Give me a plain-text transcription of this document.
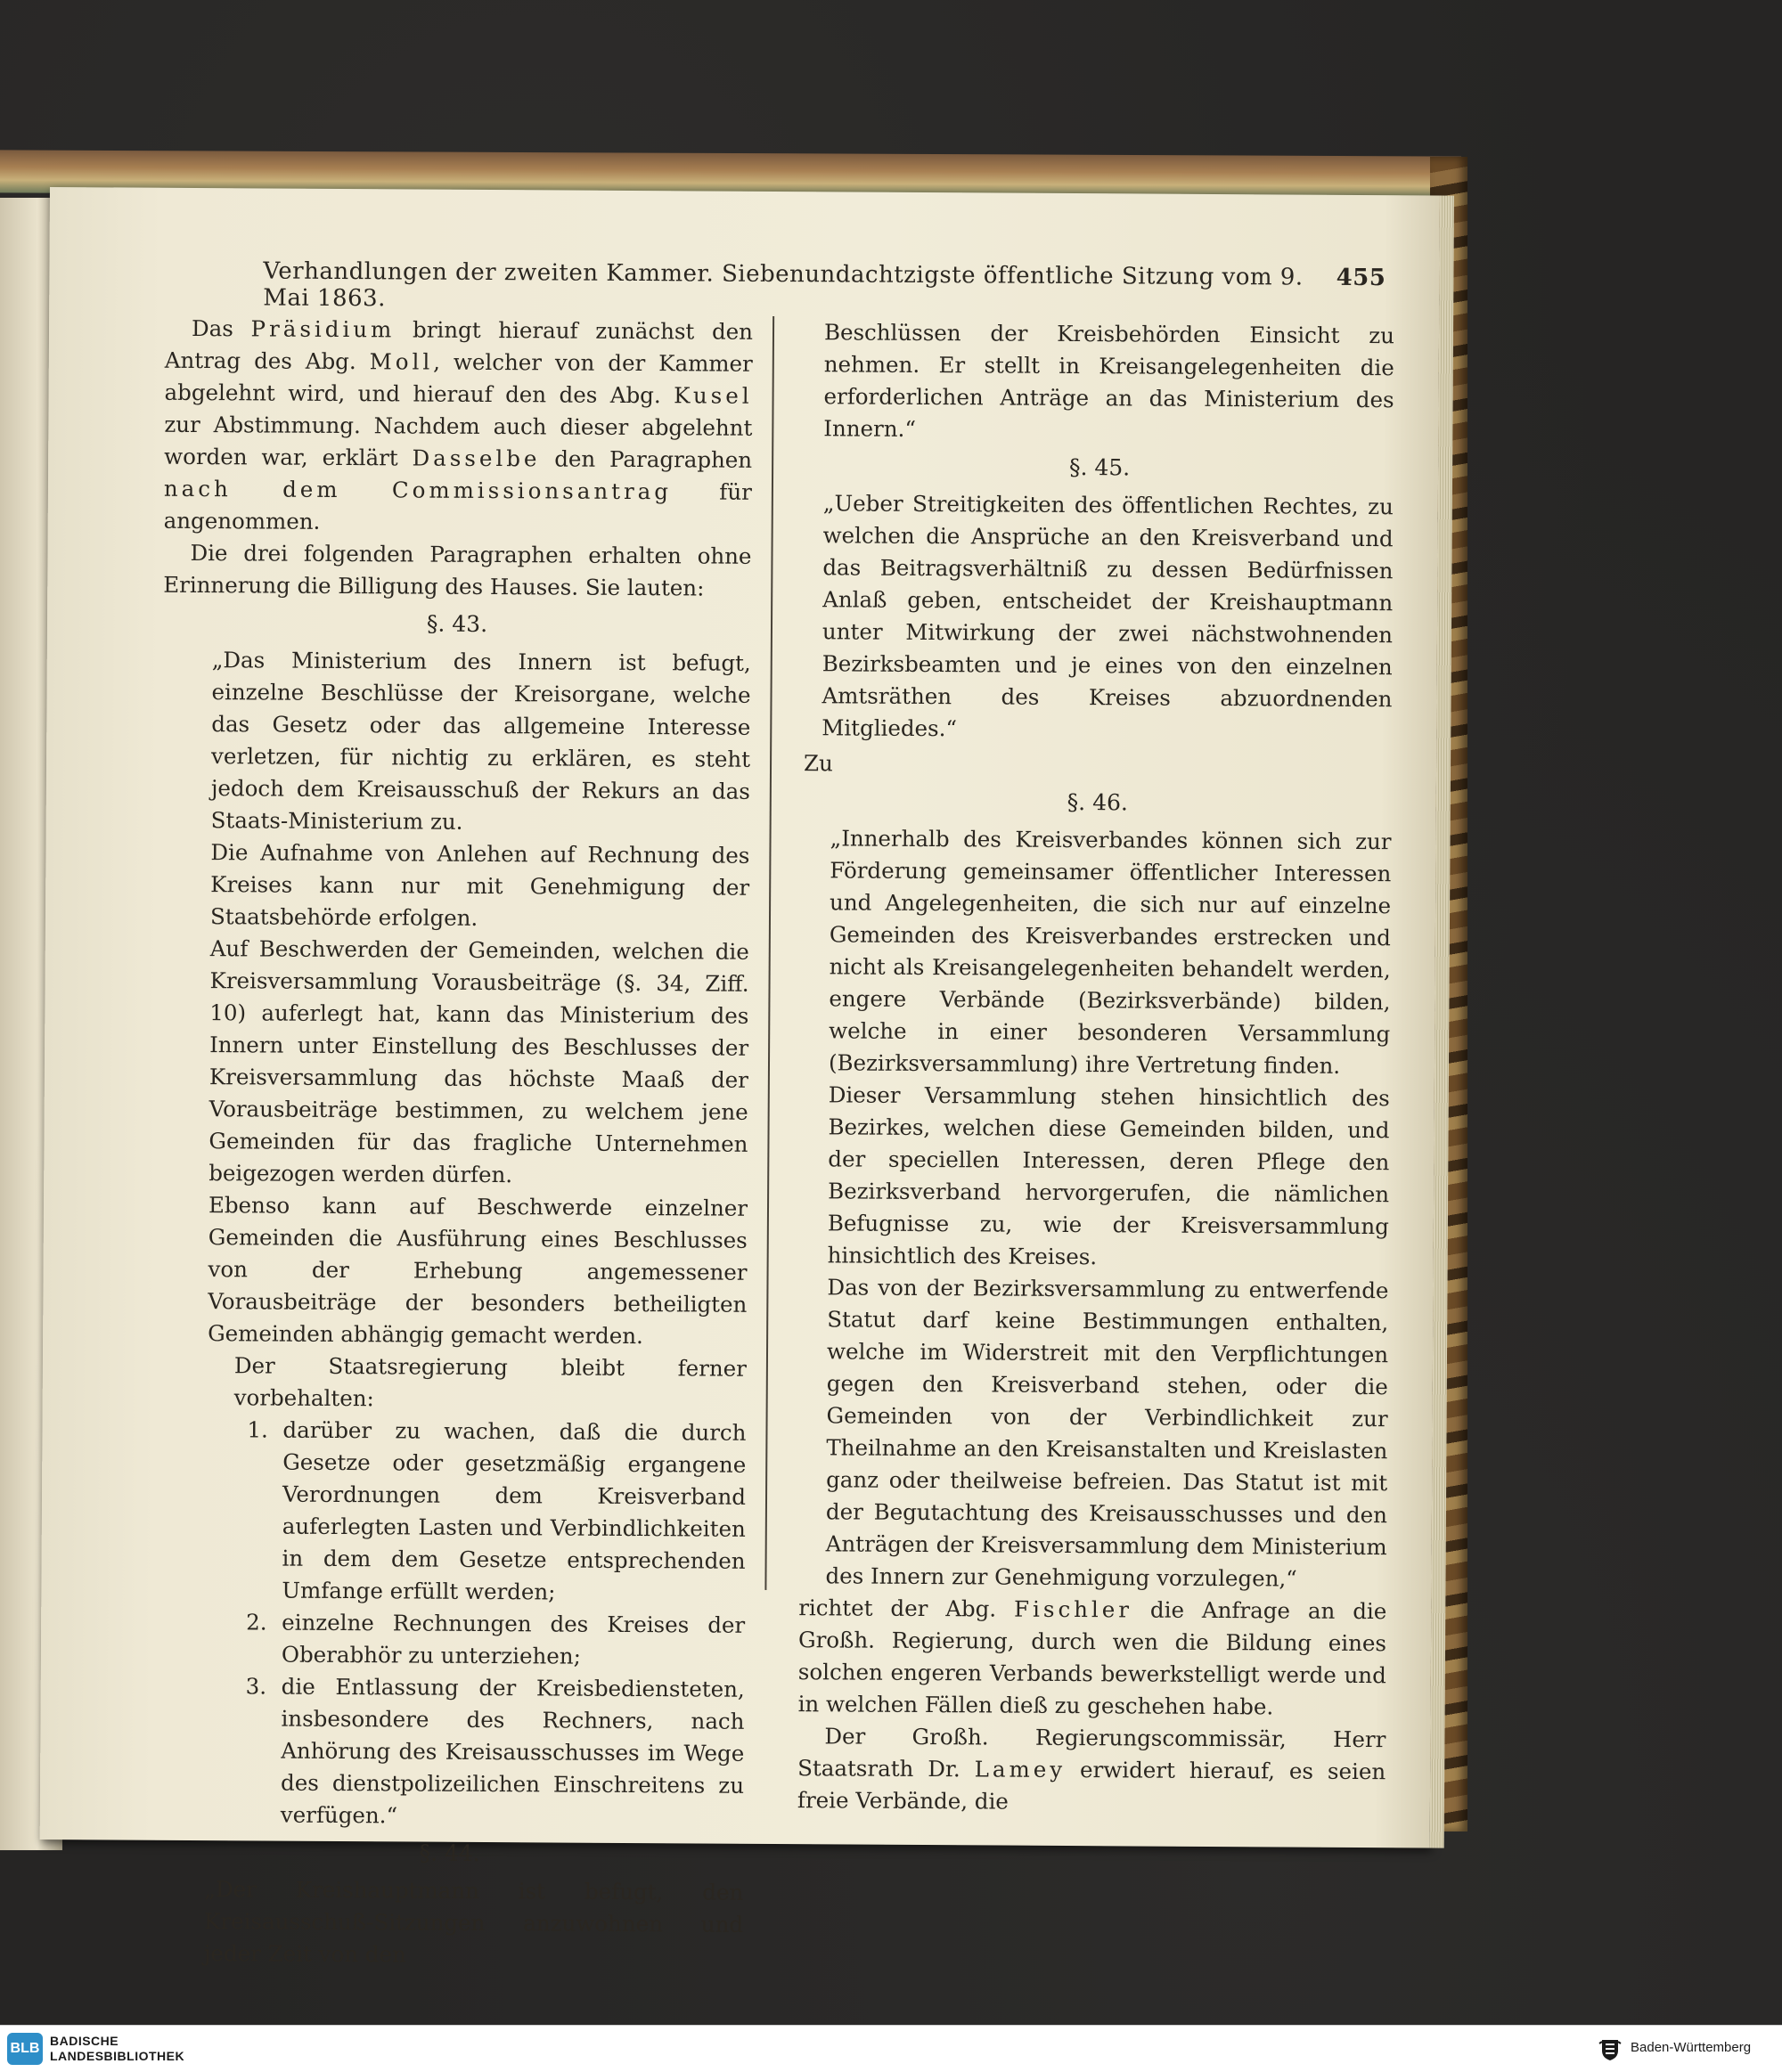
Verhandlungen der zweiten Kammer. Siebenundachtzigste öffentliche Sitzung vom 9. Mai 1863.
455

Das Präsidium bringt hierauf zunächst den Antrag des Abg. Moll, welcher von der Kammer abgelehnt wird, und hierauf den des Abg. Kusel zur Abstimmung. Nachdem auch dieser abgelehnt worden war, erklärt Dasselbe den Paragraphen nach dem Commissionsantrag für angenommen.

Die drei folgenden Paragraphen erhalten ohne Erinnerung die Billigung des Hauses. Sie lauten:

§. 43.

„Das Ministerium des Innern ist befugt, einzelne Beschlüsse der Kreisorgane, welche das Gesetz oder das allgemeine Interesse verletzen, für nichtig zu erklären, es steht jedoch dem Kreisausschuß der Rekurs an das Staats-Ministerium zu.

Die Aufnahme von Anlehen auf Rechnung des Kreises kann nur mit Genehmigung der Staatsbehörde erfolgen.

Auf Beschwerden der Gemeinden, welchen die Kreisversammlung Vorausbeiträge (§. 34, Ziff. 10) auferlegt hat, kann das Ministerium des Innern unter Einstellung des Beschlusses der Kreisversammlung das höchste Maaß der Vorausbeiträge bestimmen, zu welchem jene Gemeinden für das fragliche Unternehmen beigezogen werden dürfen.

Ebenso kann auf Beschwerde einzelner Gemeinden die Ausführung eines Beschlusses von der Erhebung angemessener Vorausbeiträge der besonders betheiligten Gemeinden abhängig gemacht werden.

Der Staatsregierung bleibt ferner vorbehalten:

1. darüber zu wachen, daß die durch Gesetze oder gesetzmäßig ergangene Verordnungen dem Kreisverband auferlegten Lasten und Verbindlichkeiten in dem dem Gesetze entsprechenden Umfange erfüllt werden;
2. einzelne Rechnungen des Kreises der Oberabhör zu unterziehen;
3. die Entlassung der Kreisbediensteten, insbesondere des Rechners, nach Anhörung des Kreisausschusses im Wege des dienstpolizeilichen Einschreitens zu verfügen.“

§. 44.

„Der Kreishauptmann ist befugt, den Kreisausschuß-Sitzungen anzuwohnen und jeder Zeit von den

Beschlüssen der Kreisbehörden Einsicht zu nehmen. Er stellt in Kreisangelegenheiten die erforderlichen Anträge an das Ministerium des Innern.“

§. 45.

„Ueber Streitigkeiten des öffentlichen Rechtes, zu welchen die Ansprüche an den Kreisverband und das Beitragsverhältniß zu dessen Bedürfnissen Anlaß geben, entscheidet der Kreishauptmann unter Mitwirkung der zwei nächstwohnenden Bezirksbeamten und je eines von den einzelnen Amtsräthen des Kreises abzuordnenden Mitgliedes.“

Zu

§. 46.

„Innerhalb des Kreisverbandes können sich zur Förderung gemeinsamer öffentlicher Interessen und Angelegenheiten, die sich nur auf einzelne Gemeinden des Kreisverbandes erstrecken und nicht als Kreisangelegenheiten behandelt werden, engere Verbände (Bezirksverbände) bilden, welche in einer besonderen Versammlung (Bezirksversammlung) ihre Vertretung finden.

Dieser Versammlung stehen hinsichtlich des Bezirkes, welchen diese Gemeinden bilden, und der speciellen Interessen, deren Pflege den Bezirksverband hervorgerufen, die nämlichen Befugnisse zu, wie der Kreisversammlung hinsichtlich des Kreises.

Das von der Bezirksversammlung zu entwerfende Statut darf keine Bestimmungen enthalten, welche im Widerstreit mit den Verpflichtungen gegen den Kreisverband stehen, oder die Gemeinden von der Verbindlichkeit zur Theilnahme an den Kreisanstalten und Kreislasten ganz oder theilweise befreien. Das Statut ist mit der Begutachtung des Kreisausschusses und den Anträgen der Kreisversammlung dem Ministerium des Innern zur Genehmigung vorzulegen,“

richtet der Abg. Fischler die Anfrage an die Großh. Regierung, durch wen die Bildung eines solchen engeren Verbands bewerkstelligt werde und in welchen Fällen dieß zu geschehen habe.

Der Großh. Regierungscommissär, Herr Staatsrath Dr. Lamey erwidert hierauf, es seien freie Verbände, die

BLB BADISCHE
LANDESBIBLIOTHEK
Baden-Württemberg
